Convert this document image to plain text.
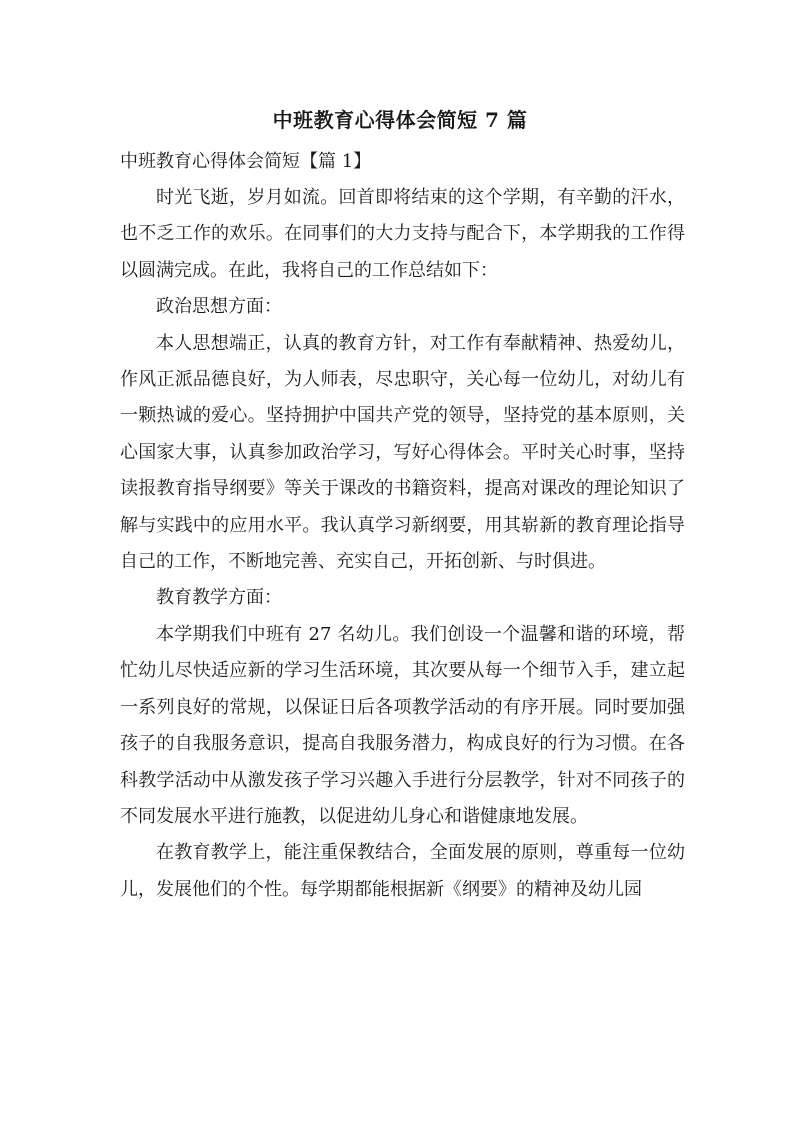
中班教育心得体会简短 7 篇
中班教育心得体会简短【篇 1】

时光飞逝，岁月如流。回首即将结束的这个学期，有辛勤的汗水，也不乏工作的欢乐。在同事们的大力支持与配合下，本学期我的工作得以圆满完成。在此，我将自己的工作总结如下：

政治思想方面：

本人思想端正，认真的教育方针，对工作有奉献精神、热爱幼儿，作风正派品德良好，为人师表，尽忠职守，关心每一位幼儿，对幼儿有一颗热诚的爱心。坚持拥护中国共产党的领导，坚持党的基本原则，关心国家大事，认真参加政治学习，写好心得体会。平时关心时事，坚持读报教育指导纲要》等关于课改的书籍资料，提高对课改的理论知识了解与实践中的应用水平。我认真学习新纲要，用其崭新的教育理论指导自己的工作，不断地完善、充实自己，开拓创新、与时俱进。

教育教学方面：

本学期我们中班有 27 名幼儿。我们创设一个温馨和谐的环境，帮忙幼儿尽快适应新的学习生活环境，其次要从每一个细节入手，建立起一系列良好的常规，以保证日后各项教学活动的有序开展。同时要加强孩子的自我服务意识，提高自我服务潜力，构成良好的行为习惯。在各科教学活动中从激发孩子学习兴趣入手进行分层教学，针对不同孩子的不同发展水平进行施教，以促进幼儿身心和谐健康地发展。

在教育教学上，能注重保教结合，全面发展的原则，尊重每一位幼儿，发展他们的个性。每学期都能根据新《纲要》的精神及幼儿园
